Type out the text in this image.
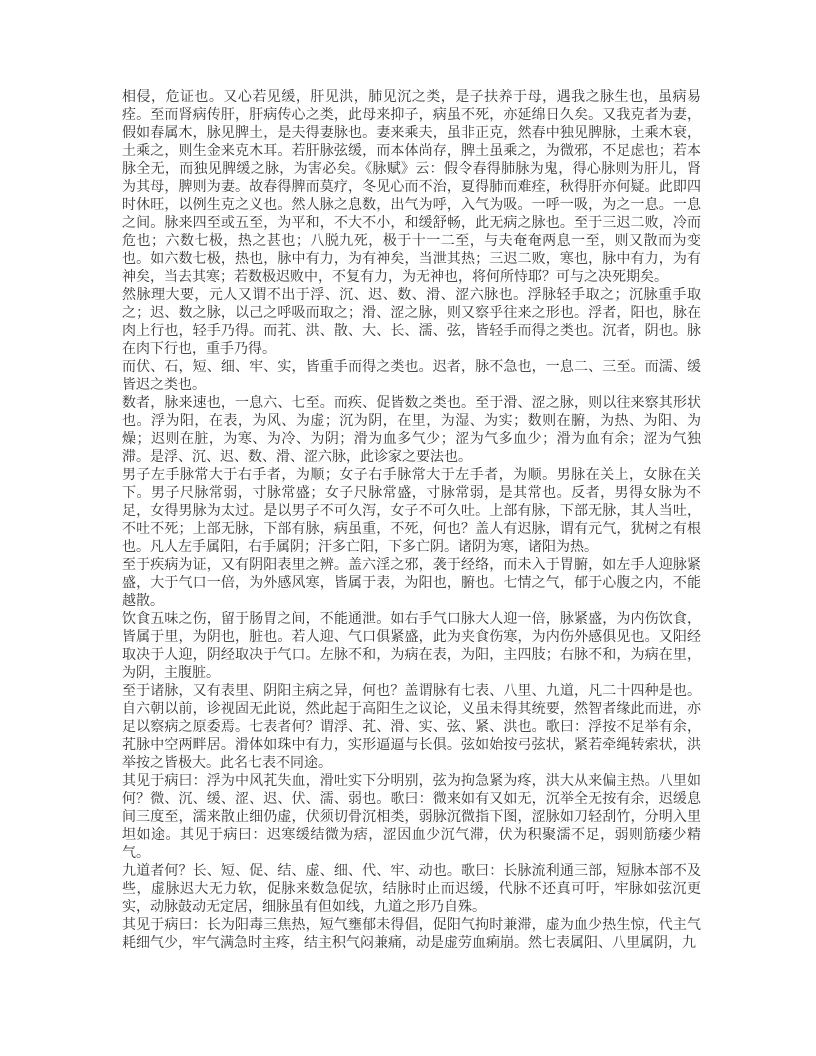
相侵，危证也。又心若见缓，肝见洪，肺见沉之类，是子扶养于母，遇我之脉生也，虽病易痊。至而肾病传肝，肝病传心之类，此母来抑子，病虽不死，亦延绵日久矣。又我克者为妻，假如春属木，脉见脾土，是夫得妻脉也。妻来乘夫，虽非正克，然春中独见脾脉，土乘木衰，土乘之，则生金来克木耳。若肝脉弦缓，而本体尚存，脾土虽乘之，为微邪，不足虑也；若本脉全无，而独见脾缓之脉，为害必矣。《脉赋》云：假令春得肺脉为鬼，得心脉则为肝儿，肾为其母，脾则为妻。故春得脾而莫疗，冬见心而不治，夏得肺而难痊，秋得肝亦何疑。此即四时休旺，以例生克之义也。然人脉之息数，出气为呼，入气为吸。一呼一吸，为之一息。一息之间。脉来四至或五至，为平和，不大不小，和缓舒畅，此无病之脉也。至于三迟二败，冷而危也；六数七极，热之甚也；八脱九死，极于十一二至，与夫奄奄两息一至，则又散而为变也。如六数七极，热也，脉中有力，为有神矣，当泄其热；三迟二败，寒也，脉中有力，为有神矣，当去其寒；若数极迟败中，不复有力，为无神也，将何所恃耶？可与之决死期矣。

然脉理大要，元人又谓不出于浮、沉、迟、数、滑、涩六脉也。浮脉轻手取之；沉脉重手取之；迟、数之脉，以己之呼吸而取之；滑、涩之脉，则又察乎往来之形也。浮者，阳也，脉在肉上行也，轻手乃得。而芤、洪、散、大、长、濡、弦，皆轻手而得之类也。沉者，阴也。脉在肉下行也，重手乃得。

而伏、石，短、细、牢、实，皆重手而得之类也。迟者，脉不急也，一息二、三至。而濡、缓皆迟之类也。

数者，脉来速也，一息六、七至。而疾、促皆数之类也。至于滑、涩之脉，则以往来察其形状也。浮为阳，在表，为风、为虚；沉为阴，在里，为湿、为实；数则在腑，为热、为阳、为燥；迟则在脏，为寒、为冷、为阴；滑为血多气少；涩为气多血少；滑为血有余；涩为气独滞。是浮、沉、迟、数、滑、涩六脉，此诊家之要法也。

男子左手脉常大于右手者，为顺；女子右手脉常大于左手者，为顺。男脉在关上，女脉在关下。男子尺脉常弱，寸脉常盛；女子尺脉常盛，寸脉常弱，是其常也。反者，男得女脉为不足，女得男脉为太过。是以男子不可久泻，女子不可久吐。上部有脉，下部无脉，其人当吐，不吐不死；上部无脉，下部有脉，病虽重，不死，何也？盖人有迟脉，谓有元气，犹树之有根也。凡人左手属阳，右手属阴；汗多亡阳，下多亡阴。诸阴为寒，诸阳为热。

至于疾病为证，又有阴阳表里之辨。盖六淫之邪，袭于经络，而未入于胃腑，如左手人迎脉紧盛，大于气口一倍，为外感风寒，皆属于表，为阳也，腑也。七情之气，郁于心腹之内，不能越散。

饮食五味之伤，留于肠胃之间，不能通泄。如右手气口脉大人迎一倍，脉紧盛，为内伤饮食，皆属于里，为阴也，脏也。若人迎、气口俱紧盛，此为夹食伤寒，为内伤外感俱见也。又阳经取决于人迎，阴经取决于气口。左脉不和，为病在表，为阳，主四肢；右脉不和，为病在里，为阴，主腹脏。

至于诸脉，又有表里、阴阳主病之异，何也？盖谓脉有七表、八里、九道，凡二十四种是也。自六朝以前，诊视固无此说，然此起于高阳生之议论，义虽未得其统要，然智者缘此而进，亦足以察病之原委焉。七表者何？谓浮、芤、滑、实、弦、紧、洪也。歌曰：浮按不足举有余，芤脉中空两畔居。滑体如珠中有力，实形逼逼与长俱。弦如始按弓弦状，紧若牵绳转索状，洪举按之皆极大。此名七表不同途。

其见于病曰：浮为中风芤失血，滑吐实下分明别，弦为拘急紧为疼，洪大从来偏主热。八里如何？微、沉、缓、涩、迟、伏、濡、弱也。歌曰：微来如有又如无，沉举全无按有余，迟缓息间三度至，濡来散止细仍虚，伏须切骨沉相类，弱脉沉微指下图，涩脉如刀轻刮竹，分明入里坦如途。其见于病曰：迟寒缓结微为痞，涩因血少沉气滞，伏为积聚濡不足，弱则筋痿少精气。

九道者何？长、短、促、结、虚、细、代、牢、动也。歌曰：长脉流利通三部，短脉本部不及些，虚脉迟大无力软，促脉来数急促欤，结脉时止而迟缓，代脉不还真可吁，牢脉如弦沉更实，动脉鼓动无定居，细脉虽有但如线，九道之形乃自殊。

其见于病曰：长为阳毒三焦热，短气壅郁未得倡，促阳气拘时兼滞，虚为血少热生惊，代主气耗细气少，牢气满急时主疼，结主积气闷兼痛，动是虚劳血痢崩。然七表属阳、八里属阴，九
